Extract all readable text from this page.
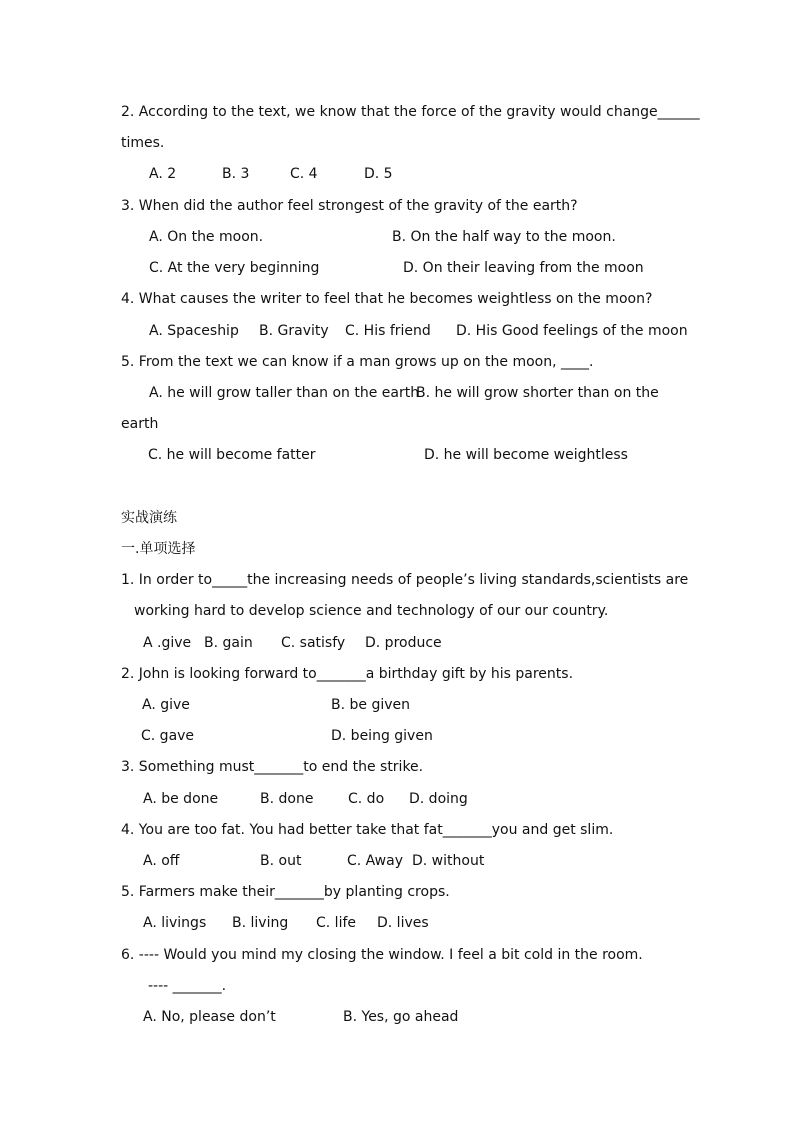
2. According to the text, we know that the force of the gravity would change______
times.
A. 2	B. 3	C. 4	D. 5
3. When did the author feel strongest of the gravity of the earth?
A. On the moon.	B. On the half way to the moon.
C. At the very beginning	D. On their leaving from the moon
4. What causes the writer to feel that he becomes weightless on the moon?
A. Spaceship B. Gravity C. His friend D. His Good feelings of the moon
5. From the text we can know if a man grows up on the moon, ____.
A. he will grow taller than on the earth
B. he will grow shorter than on the
earth
C. he will become fatter	D. he will become weightless
实战演练
一.单项选择
1. In order to_____the increasing needs of people’s living standards,scientists are
working hard to develop science and technology of our our country.
A .give B. gain C. satisfy D. produce
2. John is looking forward to_______a birthday gift by his parents.
A. give	B. be given
C. gave	D. being given
3. Something must_______to end the strike.
A. be done	B. done C. do D. doing
4. You are too fat. You had better take that fat_______you and get slim.
A. off	B. out	C. Away D. without
5. Farmers make their_______by planting crops.
A. livings B. living C. life D. lives
6. ---- Would you mind my closing the window. I feel a bit cold in the room.
---- _______.
A. No, please don’t	B. Yes, go ahead
